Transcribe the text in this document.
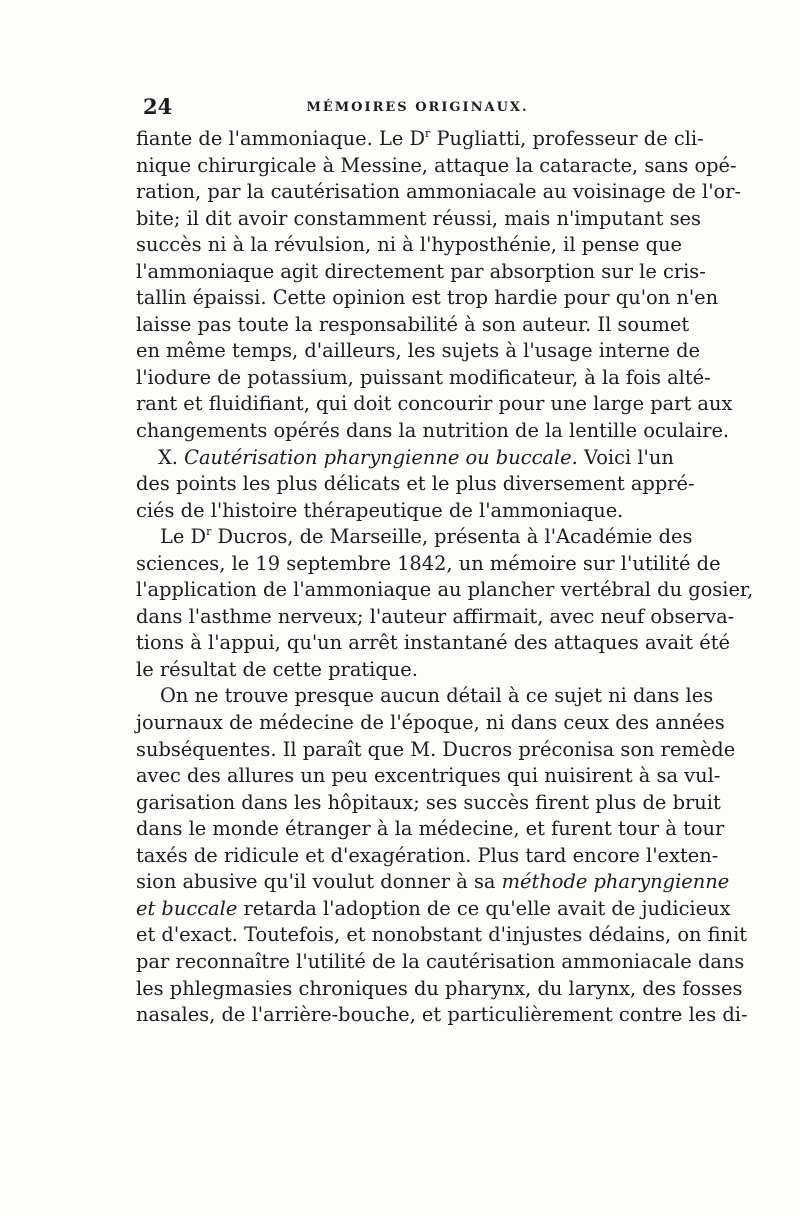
24	MÉMOIRES ORIGINAUX.
fiante de l'ammoniaque. Le $D^r$ Pugliatti, professeur de cli-
nique chirurgicale à Messine, attaque la cataracte, sans opé-
ration, par la cautérisation ammoniacale au voisinage de l'or-
bite; il dit avoir constamment réussi, mais n'imputant ses
succès ni à la révulsion, ni à l'hyposthénie, il pense que
l'ammoniaque agit directement par absorption sur le cris-
tallin épaissi. Cette opinion est trop hardie pour qu'on n'en
laisse pas toute la responsabilité à son auteur. Il soumet
en même temps, d'ailleurs, les sujets à l'usage interne de
l'iodure de potassium, puissant modificateur, à la fois alté-
rant et fluidifiant, qui doit concourir pour une large part aux
changements opérés dans la nutrition de la lentille oculaire.
X. Cautérisation pharyngienne ou buccale. Voici l'un
des points les plus délicats et le plus diversement appré-
ciés de l'histoire thérapeutique de l'ammoniaque.
Le $D^r$ Ducros, de Marseille, présenta à l'Académie des
sciences, le 19 septembre 1842, un mémoire sur l'utilité de
l'application de l'ammoniaque au plancher vertébral du gosier,
dans l'asthme nerveux; l'auteur affirmait, avec neuf observa-
tions à l'appui, qu'un arrêt instantané des attaques avait été
le résultat de cette pratique.
On ne trouve presque aucun détail à ce sujet ni dans les
journaux de médecine de l'époque, ni dans ceux des années
subséquentes. Il paraît que M. Ducros préconisa son remède
avec des allures un peu excentriques qui nuisirent à sa vul-
garisation dans les hôpitaux; ses succès firent plus de bruit
dans le monde étranger à la médecine, et furent tour à tour
taxés de ridicule et d'exagération. Plus tard encore l'exten-
sion abusive qu'il voulut donner à sa méthode pharyngienne
et buccale retarda l'adoption de ce qu'elle avait de judicieux
et d'exact. Toutefois, et nonobstant d'injustes dédains, on finit
par reconnaître l'utilité de la cautérisation ammoniacale dans
les phlegmasies chroniques du pharynx, du larynx, des fosses
nasales, de l'arrière-bouche, et particulièrement contre les di-
